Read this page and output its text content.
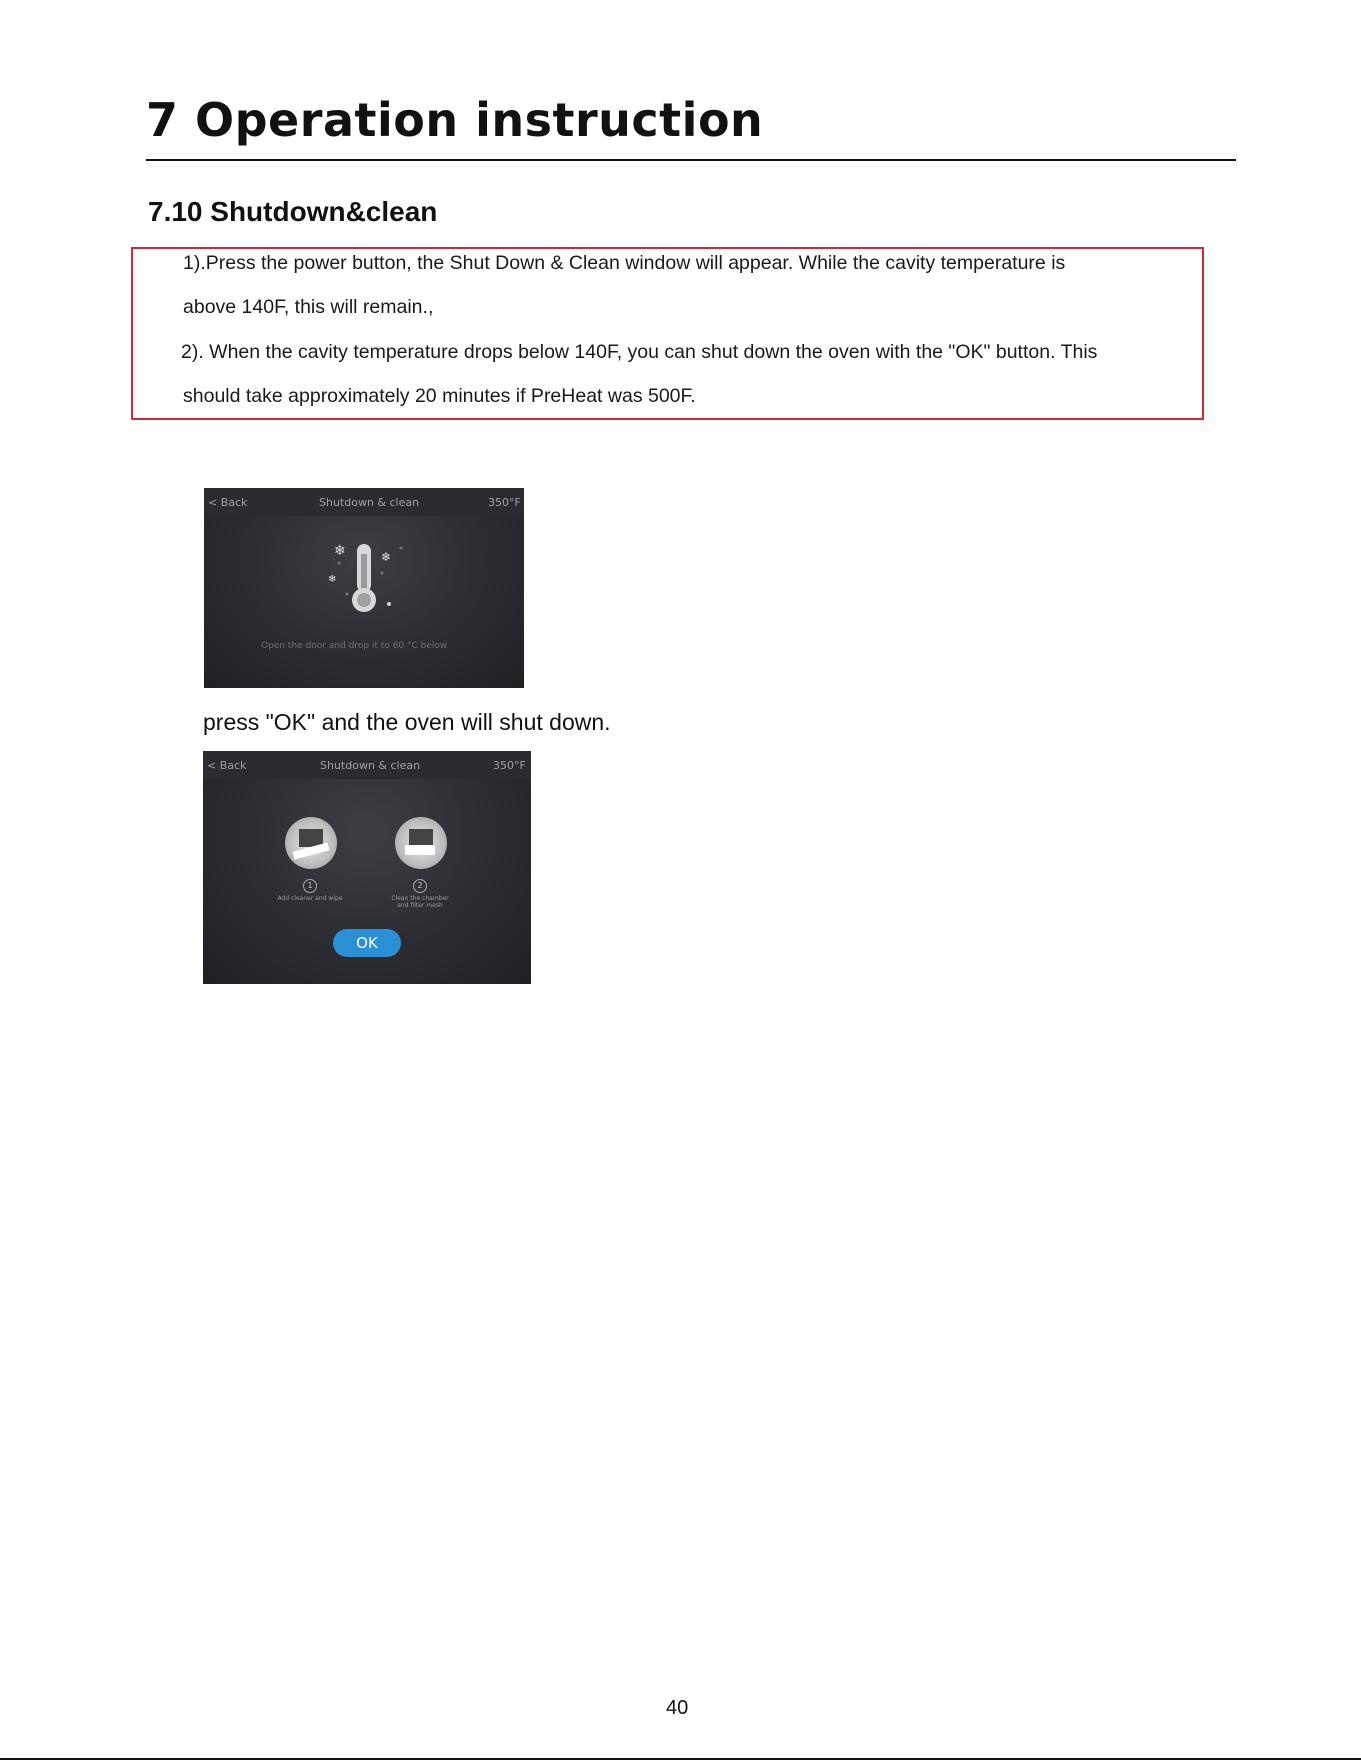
7 Operation instruction
7.10 Shutdown&clean
1).Press the power button, the Shut Down & Clean window will appear. While the cavity temperature is
above 140F, this will remain.,
2). When the cavity temperature drops below 140F, you can shut down the oven with the "OK" button. This
should take approximately 20 minutes if PreHeat was 500F.
< Back	Shutdown & clean	350°F
❄	❄
❄
Open the door and drop it to 60 °C below
press "OK" and the oven will shut down.
< Back	Shutdown & clean	350°F
1
Add cleaner and wipe
2
Clean the chamber and filter mesh
OK
40
